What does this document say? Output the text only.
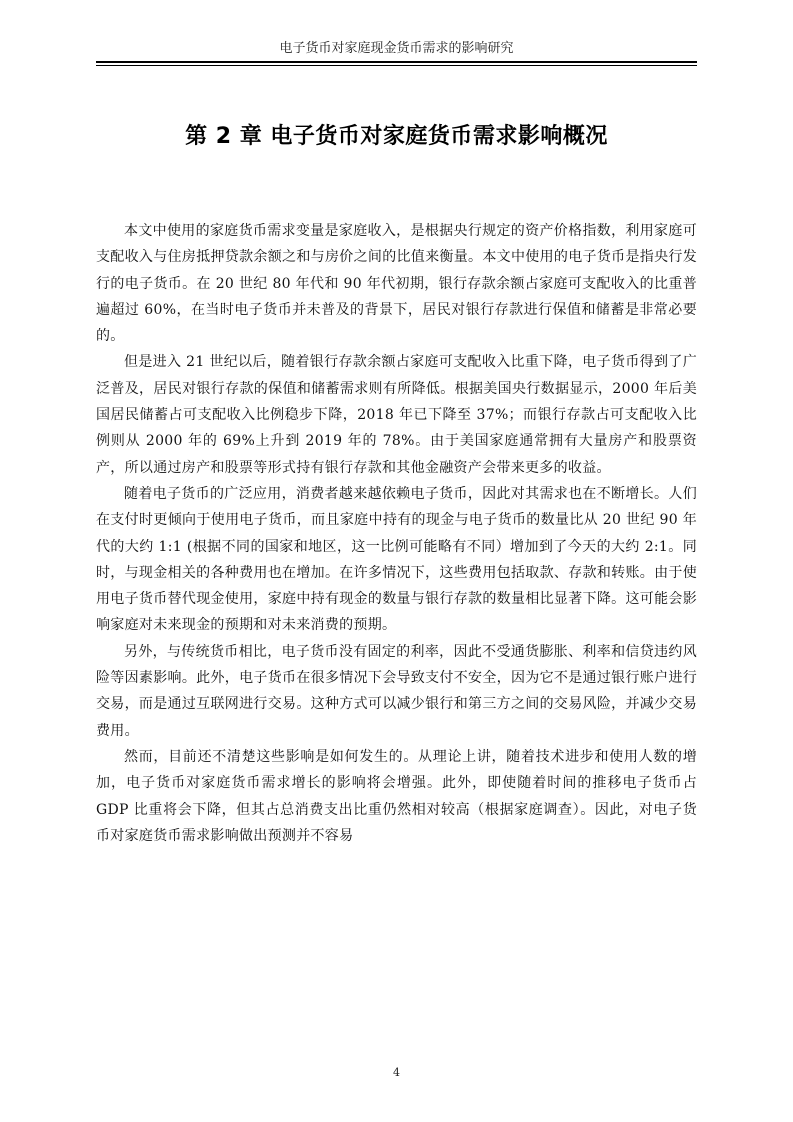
电子货币对家庭现金货币需求的影响研究
第 2 章 电子货币对家庭货币需求影响概况

本文中使用的家庭货币需求变量是家庭收入，是根据央行规定的资产价格指数，利用家庭可支配收入与住房抵押贷款余额之和与房价之间的比值来衡量。本文中使用的电子货币是指央行发行的电子货币。在 20 世纪 80 年代和 90 年代初期，银行存款余额占家庭可支配收入的比重普遍超过 60%，在当时电子货币并未普及的背景下，居民对银行存款进行保值和储蓄是非常必要的。

但是进入 21 世纪以后，随着银行存款余额占家庭可支配收入比重下降，电子货币得到了广泛普及，居民对银行存款的保值和储蓄需求则有所降低。根据美国央行数据显示，2000 年后美国居民储蓄占可支配收入比例稳步下降，2018 年已下降至 37%；而银行存款占可支配收入比例则从 2000 年的 69%上升到 2019 年的 78%。由于美国家庭通常拥有大量房产和股票资产，所以通过房产和股票等形式持有银行存款和其他金融资产会带来更多的收益。

随着电子货币的广泛应用，消费者越来越依赖电子货币，因此对其需求也在不断增长。人们在支付时更倾向于使用电子货币，而且家庭中持有的现金与电子货币的数量比从 20 世纪 90 年代的大约 1:1 (根据不同的国家和地区，这一比例可能略有不同）增加到了今天的大约 2:1。同时，与现金相关的各种费用也在增加。在许多情况下，这些费用包括取款、存款和转账。由于使用电子货币替代现金使用，家庭中持有现金的数量与银行存款的数量相比显著下降。这可能会影响家庭对未来现金的预期和对未来消费的预期。

另外，与传统货币相比，电子货币没有固定的利率，因此不受通货膨胀、利率和信贷违约风险等因素影响。此外，电子货币在很多情况下会导致支付不安全，因为它不是通过银行账户进行交易，而是通过互联网进行交易。这种方式可以减少银行和第三方之间的交易风险，并减少交易费用。

然而，目前还不清楚这些影响是如何发生的。从理论上讲，随着技术进步和使用人数的增加，电子货币对家庭货币需求增长的影响将会增强。此外，即使随着时间的推移电子货币占 GDP 比重将会下降，但其占总消费支出比重仍然相对较高（根据家庭调查）。因此，对电子货币对家庭货币需求影响做出预测并不容易

4
